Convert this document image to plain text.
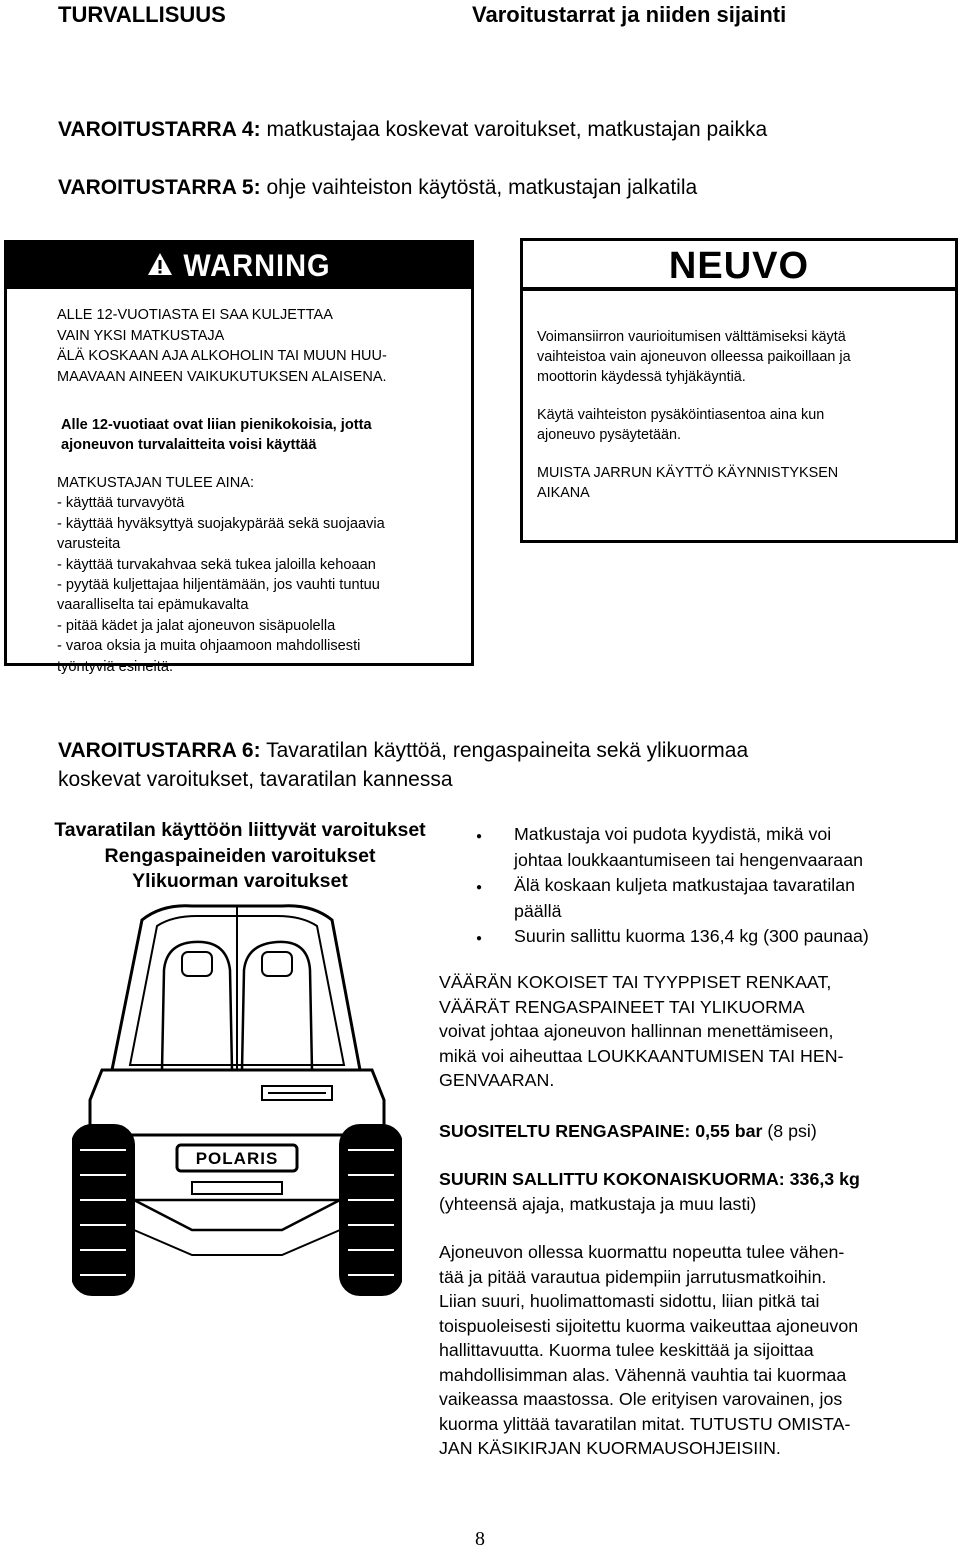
TURVALLISUUS	Varoitustarrat ja niiden sijainti
VAROITUSTARRA 4: matkustajaa koskevat varoitukset, matkustajan paikka
VAROITUSTARRA 5: ohje vaihteiston käytöstä, matkustajan jalkatila
WARNING
ALLE 12-VUOTIASTA EI SAA KULJETTAA
VAIN YKSI MATKUSTAJA
ÄLÄ KOSKAAN AJA ALKOHOLIN TAI MUUN HUU-
MAAVAAN AINEEN VAIKUKUTUKSEN ALAISENA.
Alle 12-vuotiaat ovat liian pienikokoisia, jotta
ajoneuvon turvalaitteita voisi käyttää
MATKUSTAJAN TULEE AINA:
- käyttää turvavyötä
- käyttää hyväksyttyä suojakypärää sekä suojaavia
varusteita
- käyttää turvakahvaa sekä tukea jaloilla kehoaan
- pyytää kuljettajaa hiljentämään, jos vauhti tuntuu
vaaralliselta tai epämukavalta
- pitää kädet ja jalat ajoneuvon sisäpuolella
- varoa oksia ja muita ohjaamoon mahdollisesti
työntyviä esineitä.
NEUVO
Voimansiirron vaurioitumisen välttämiseksi käytä
vaihteistoa vain ajoneuvon olleessa paikoillaan ja
moottorin käydessä tyhjäkäyntiä.
Käytä vaihteiston pysäköintiasentoa aina kun
ajoneuvo pysäytetään.
MUISTA JARRUN KÄYTTÖ KÄYNNISTYKSEN
AIKANA
VAROITUSTARRA 6: Tavaratilan käyttöä, rengaspaineita sekä ylikuormaa
koskevat varoitukset, tavaratilan kannessa
Tavaratilan käyttöön liittyvät varoitukset
Rengaspaineiden varoitukset
Ylikuorman varoitukset
POLARIS
● Matkustaja voi pudota kyydistä, mikä voi
johtaa loukkaantumiseen tai hengenvaaraan
● Älä koskaan kuljeta matkustajaa tavaratilan
päällä
● Suurin sallittu kuorma 136,4 kg (300 paunaa)
VÄÄRÄN KOKOISET TAI TYYPPISET RENKAAT,
VÄÄRÄT RENGASPAINEET TAI YLIKUORMA
voivat johtaa ajoneuvon hallinnan menettämiseen,
mikä voi aiheuttaa LOUKKAANTUMISEN TAI HEN-
GENVAARAN.
SUOSITELTU RENGASPAINE: 0,55 bar (8 psi)
SUURIN SALLITTU KOKONAISKUORMA: 336,3 kg
(yhteensä ajaja, matkustaja ja muu lasti)
Ajoneuvon ollessa kuormattu nopeutta tulee vähen-
tää ja pitää varautua pidempiin jarrutusmatkoihin.
Liian suuri, huolimattomasti sidottu, liian pitkä tai
toispuoleisesti sijoitettu kuorma vaikeuttaa ajoneuvon
hallittavuutta. Kuorma tulee keskittää ja sijoittaa
mahdollisimman alas. Vähennä vauhtia tai kuormaa
vaikeassa maastossa. Ole erityisen varovainen, jos
kuorma ylittää tavaratilan mitat. TUTUSTU OMISTA-
JAN KÄSIKIRJAN KUORMAUSOHJEISIIN.
8
